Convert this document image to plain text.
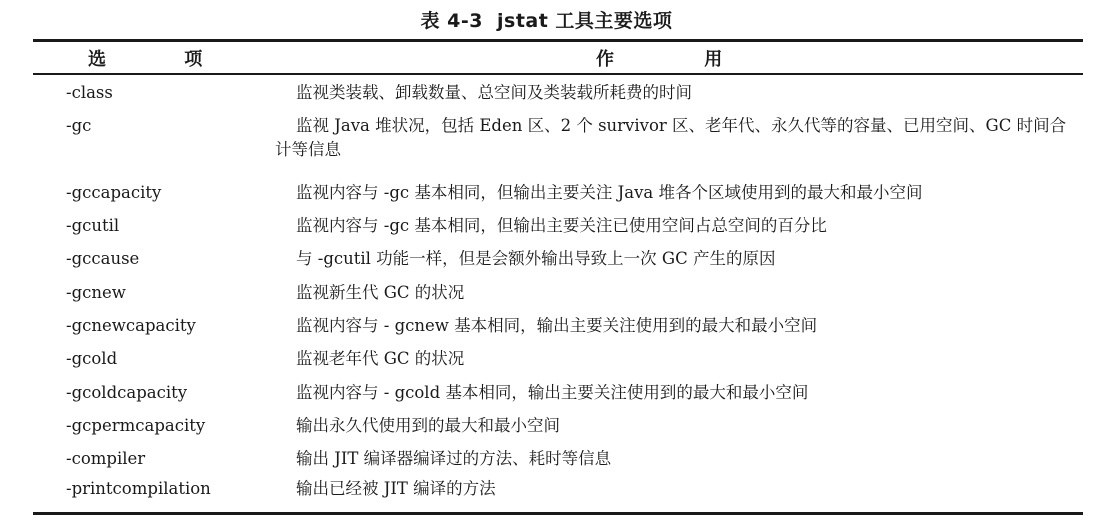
表 4-3 jstat 工具主要选项
选 项	作 用
-class	监视类装载、卸载数量、总空间及类装载所耗费的时间
-gc	监视 Java 堆状况，包括 Eden 区、2 个 survivor 区、老年代、永久代等的容量、已用空间、GC 时间合计等信息
-gccapacity	监视内容与 -gc 基本相同，但输出主要关注 Java 堆各个区域使用到的最大和最小空间
-gcutil	监视内容与 -gc 基本相同，但输出主要关注已使用空间占总空间的百分比
-gccause	与 -gcutil 功能一样，但是会额外输出导致上一次 GC 产生的原因
-gcnew	监视新生代 GC 的状况
-gcnewcapacity	监视内容与 - gcnew 基本相同，输出主要关注使用到的最大和最小空间
-gcold	监视老年代 GC 的状况
-gcoldcapacity	监视内容与 - gcold 基本相同，输出主要关注使用到的最大和最小空间
-gcpermcapacity	输出永久代使用到的最大和最小空间
-compiler	输出 JIT 编译器编译过的方法、耗时等信息
-printcompilation	输出已经被 JIT 编译的方法
